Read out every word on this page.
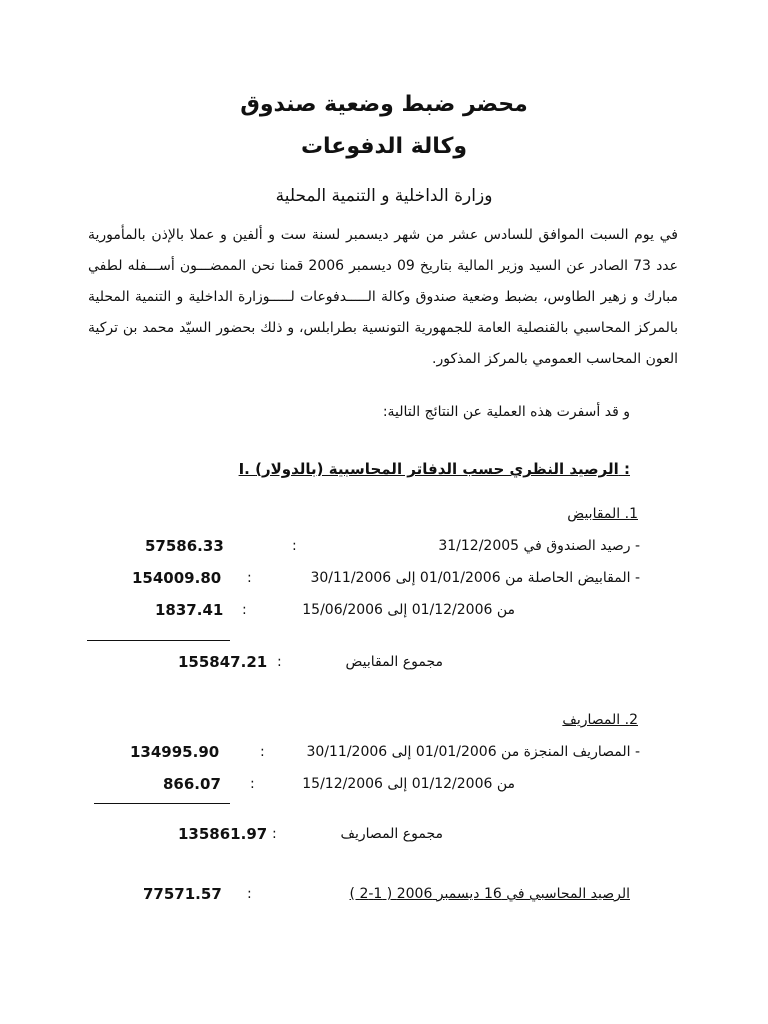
محضر ضبط وضعية صندوق
وكالة الدفوعات
وزارة الداخلية و التنمية المحلية
في يوم السبت الموافق للسادس عشر من شهر ديسمبر لسنة ست و ألفين و عملا بالإذن بالمأمورية عدد 73 الصادر عن السيد وزير المالية بتاريخ 09 ديسمبر 2006 قمنا نحن الممضـــون أســـفله لطفي مبارك و زهير الطاوس، بضبط وضعية صندوق وكالة الـــــدفوعات لـــــوزارة الداخلية و التنمية المحلية بالمركز المحاسبي بالقنصلية العامة للجمهورية التونسية بطرابلس، و ذلك بحضور السيّد محمد بن تركية العون المحاسب العمومي بالمركز المذكور.
و قد أسفرت هذه العملية عن النتائج التالية:
I. الرصيد النظري حسب الدفاتر المحاسبية (بالدولار) :
1. المقابيض
- رصيد الصندوق في 31/12/2005
:
57586.33
- المقابيض الحاصلة من 01/01/2006 إلى 30/11/2006
:
154009.80
من 01/12/2006 إلى 15/06/2006
:
1837.41
مجموع المقابيض
:
155847.21
2. المصاريف
- المصاريف المنجزة من 01/01/2006 إلى 30/11/2006
:
134995.90
من 01/12/2006 إلى 15/12/2006
:
866.07
مجموع المصاريف
:
135861.97
الرصيد المحاسبي في 16 ديسمبر 2006 ( 1-2 )
:
77571.57
